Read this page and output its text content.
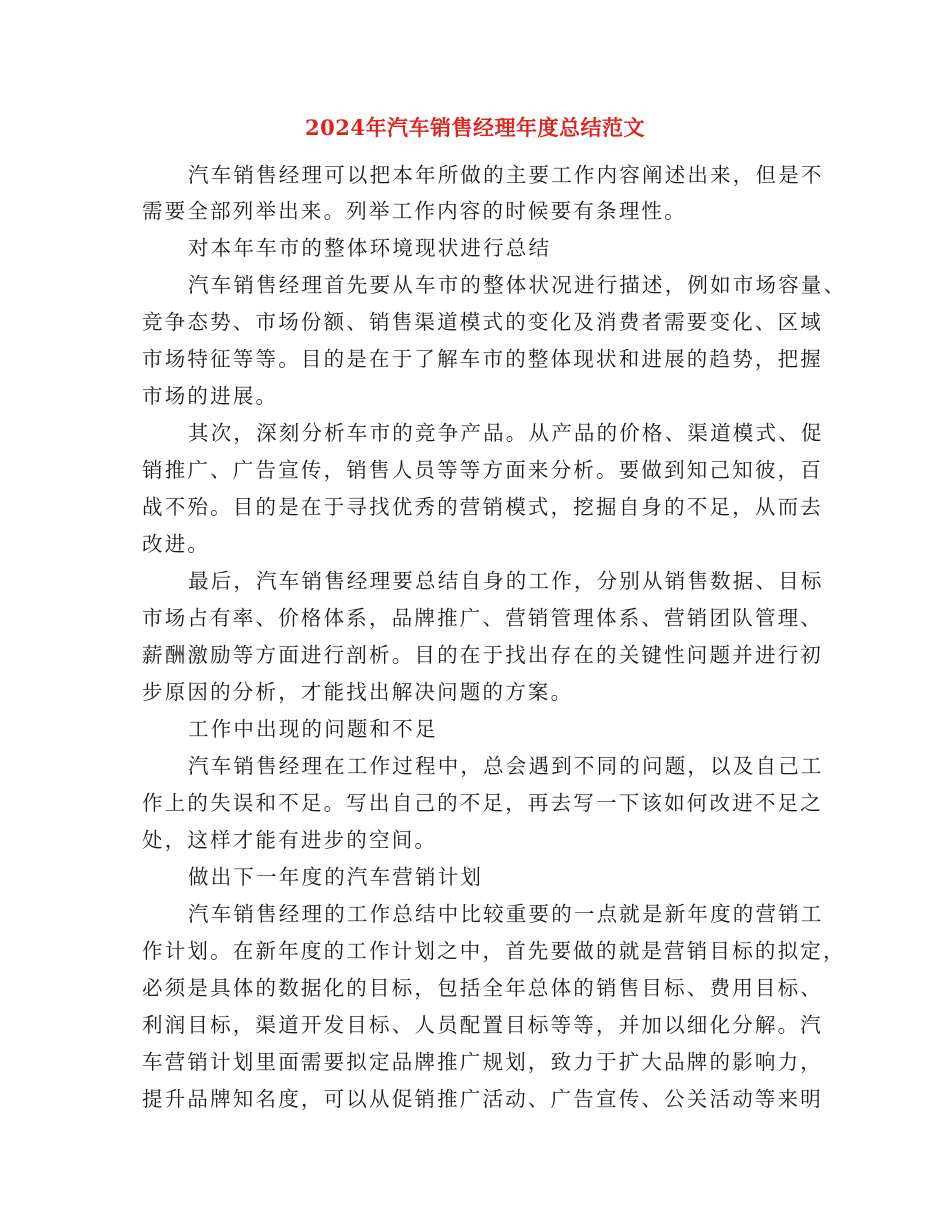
2024年汽车销售经理年度总结范文
汽车销售经理可以把本年所做的主要工作内容阐述出来，但是不
需要全部列举出来。列举工作内容的时候要有条理性。
对本年车市的整体环境现状进行总结
汽车销售经理首先要从车市的整体状况进行描述，例如市场容量、
竞争态势、市场份额、销售渠道模式的变化及消费者需要变化、区域
市场特征等等。目的是在于了解车市的整体现状和进展的趋势，把握
市场的进展。
其次，深刻分析车市的竞争产品。从产品的价格、渠道模式、促
销推广、广告宣传，销售人员等等方面来分析。要做到知己知彼，百
战不殆。目的是在于寻找优秀的营销模式，挖掘自身的不足，从而去
改进。
最后，汽车销售经理要总结自身的工作，分别从销售数据、目标
市场占有率、价格体系，品牌推广、营销管理体系、营销团队管理、
薪酬激励等方面进行剖析。目的在于找出存在的关键性问题并进行初
步原因的分析，才能找出解决问题的方案。
工作中出现的问题和不足
汽车销售经理在工作过程中，总会遇到不同的问题，以及自己工
作上的失误和不足。写出自己的不足，再去写一下该如何改进不足之
处，这样才能有进步的空间。
做出下一年度的汽车营销计划
汽车销售经理的工作总结中比较重要的一点就是新年度的营销工
作计划。在新年度的工作计划之中，首先要做的就是营销目标的拟定，
必须是具体的数据化的目标，包括全年总体的销售目标、费用目标、
利润目标，渠道开发目标、人员配置目标等等，并加以细化分解。汽
车营销计划里面需要拟定品牌推广规划，致力于扩大品牌的影响力，
提升品牌知名度，可以从促销推广活动、广告宣传、公关活动等来明
